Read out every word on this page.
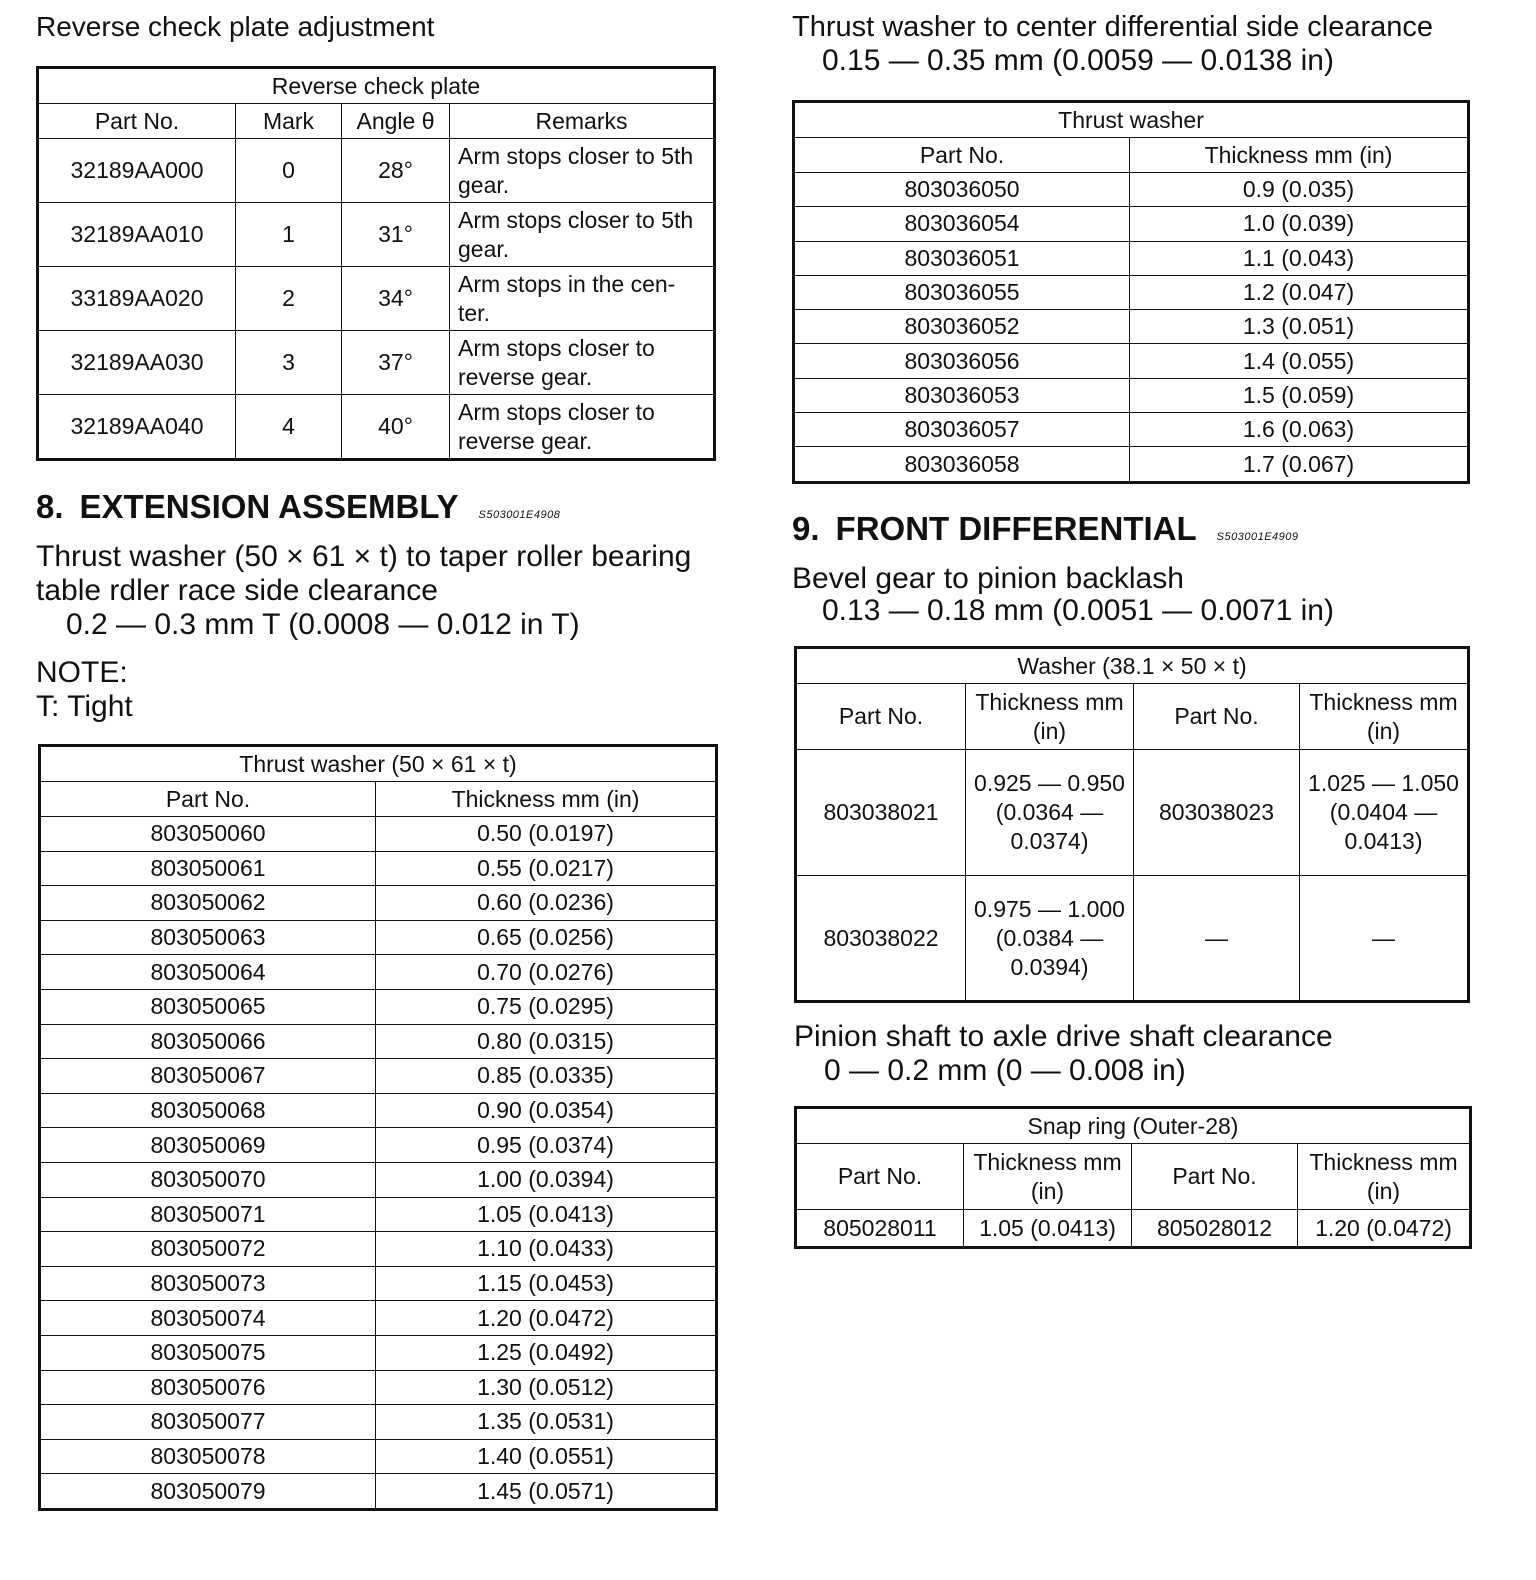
Reverse check plate adjustment

Reverse check plate			
Part No.	Mark	Angle θ	Remarks
32189AA000	0	28°	Arm stops closer to 5th gear.
32189AA010	1	31°	Arm stops closer to 5th gear.
33189AA020	2	34°	Arm stops in the cen-ter.
32189AA030	3	37°	Arm stops closer to reverse gear.
32189AA040	4	40°	Arm stops closer to reverse gear.
8. EXTENSION ASSEMBLY S503001E4908

Thrust washer (50 × 61 × t) to taper roller bearing

table rdler race side clearance

0.2 — 0.3 mm T (0.0008 — 0.012 in T)

NOTE:

T: Tight

Thrust washer (50 × 61 × t)	
Part No.	Thickness mm (in)
803050060	0.50 (0.0197)
803050061	0.55 (0.0217)
803050062	0.60 (0.0236)
803050063	0.65 (0.0256)
803050064	0.70 (0.0276)
803050065	0.75 (0.0295)
803050066	0.80 (0.0315)
803050067	0.85 (0.0335)
803050068	0.90 (0.0354)
803050069	0.95 (0.0374)
803050070	1.00 (0.0394)
803050071	1.05 (0.0413)
803050072	1.10 (0.0433)
803050073	1.15 (0.0453)
803050074	1.20 (0.0472)
803050075	1.25 (0.0492)
803050076	1.30 (0.0512)
803050077	1.35 (0.0531)
803050078	1.40 (0.0551)
803050079	1.45 (0.0571)

Thrust washer to center differential side clearance

0.15 — 0.35 mm (0.0059 — 0.0138 in)

Thrust washer	
Part No.	Thickness mm (in)
803036050	0.9 (0.035)
803036054	1.0 (0.039)
803036051	1.1 (0.043)
803036055	1.2 (0.047)
803036052	1.3 (0.051)
803036056	1.4 (0.055)
803036053	1.5 (0.059)
803036057	1.6 (0.063)
803036058	1.7 (0.067)
9. FRONT DIFFERENTIAL S503001E4909

Bevel gear to pinion backlash

0.13 — 0.18 mm (0.0051 — 0.0071 in)

Washer (38.1 × 50 × t)			
Part No.	Thickness mm (in)	Part No.	Thickness mm (in)
803038021	0.925 — 0.950 (0.0364 — 0.0374)	803038023	1.025 — 1.050 (0.0404 — 0.0413)
803038022	0.975 — 1.000 (0.0384 — 0.0394)	—	—

Pinion shaft to axle drive shaft clearance

0 — 0.2 mm (0 — 0.008 in)

Snap ring (Outer-28)			
Part No.	Thickness mm (in)	Part No.	Thickness mm (in)
805028011	1.05 (0.0413)	805028012	1.20 (0.0472)
